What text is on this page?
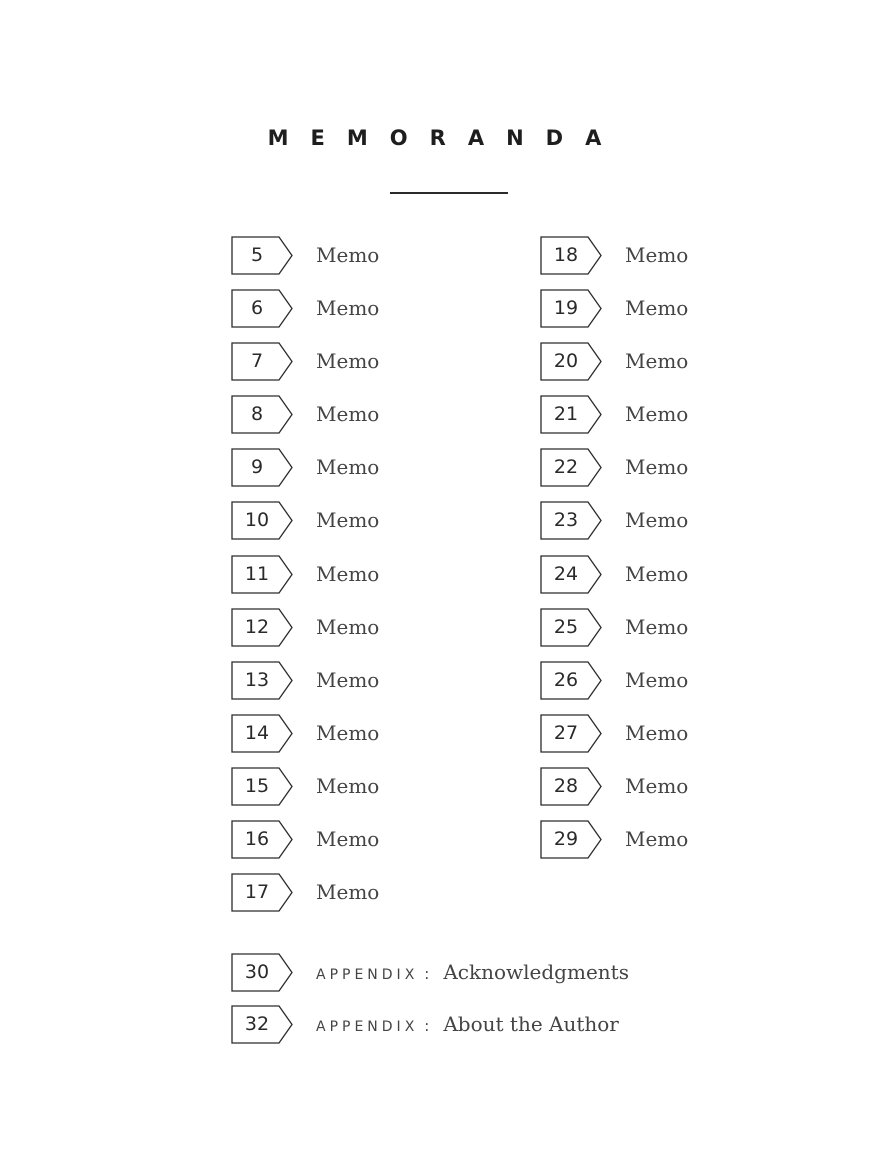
MEMORANDA
5	Memo
6	Memo
7	Memo
8	Memo
9	Memo
10	Memo
11	Memo
12	Memo
13	Memo
14	Memo
15	Memo
16	Memo
17	Memo
18	Memo
19	Memo
20	Memo
21	Memo
22	Memo
23	Memo
24	Memo
25	Memo
26	Memo
27	Memo
28	Memo
29	Memo
30	APPENDIX : Acknowledgments
32	APPENDIX : About the Author
